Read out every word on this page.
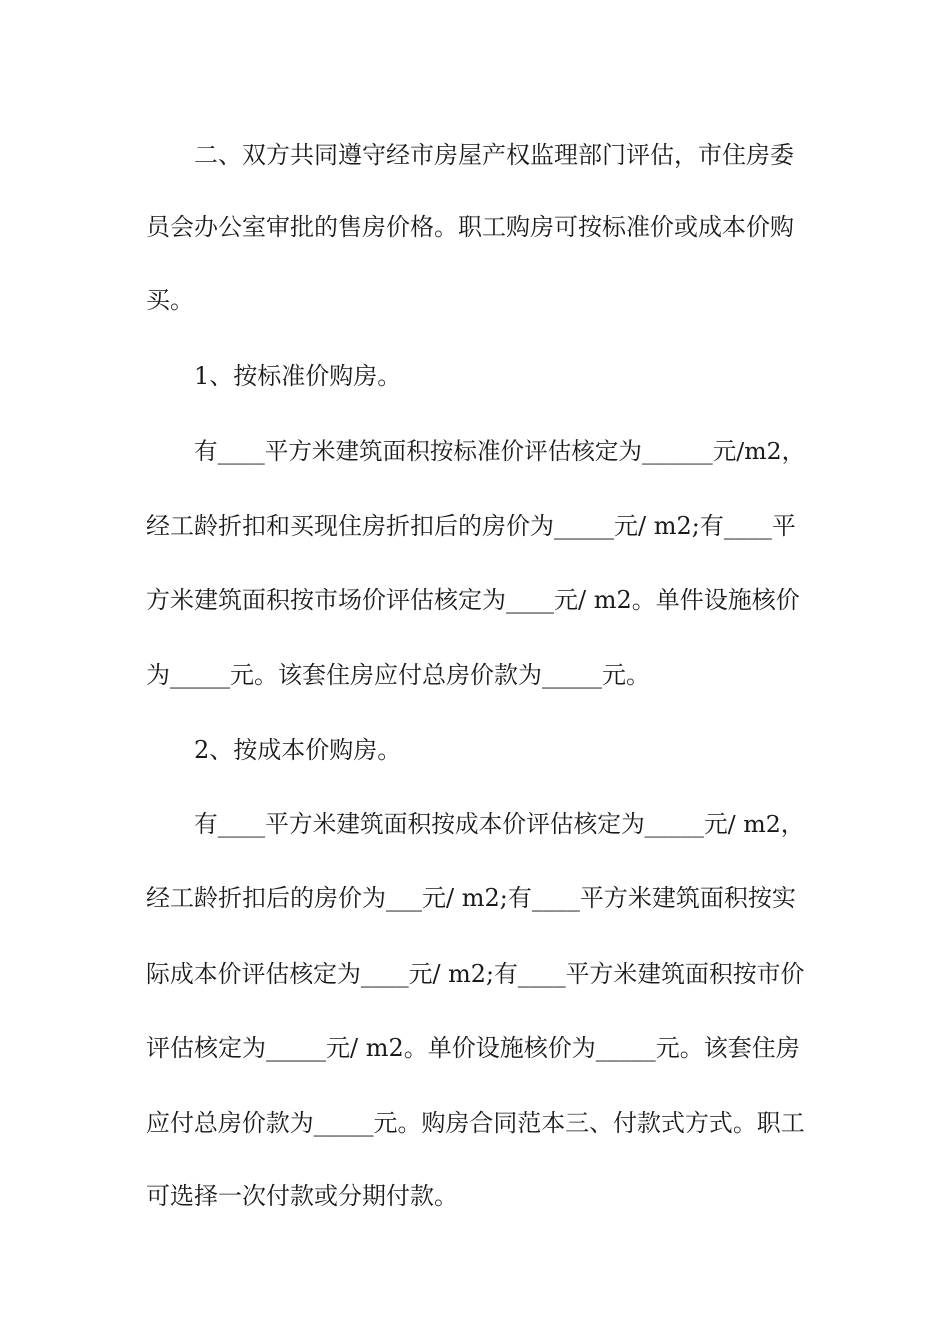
二、双方共同遵守经市房屋产权监理部门评估，市住房委
员会办公室审批的售房价格。职工购房可按标准价或成本价购
买。
1、按标准价购房。
有____平方米建筑面积按标准价评估核定为______元/m2，
经工龄折扣和买现住房折扣后的房价为_____元/ m2;有____平
方米建筑面积按市场价评估核定为____元/ m2。单件设施核价
为_____元。该套住房应付总房价款为_____元。
2、按成本价购房。
有____平方米建筑面积按成本价评估核定为_____元/ m2，
经工龄折扣后的房价为___元/ m2;有____平方米建筑面积按实
际成本价评估核定为____元/ m2;有____平方米建筑面积按市价
评估核定为_____元/ m2。单价设施核价为_____元。该套住房
应付总房价款为_____元。购房合同范本三、付款式方式。职工
可选择一次付款或分期付款。
